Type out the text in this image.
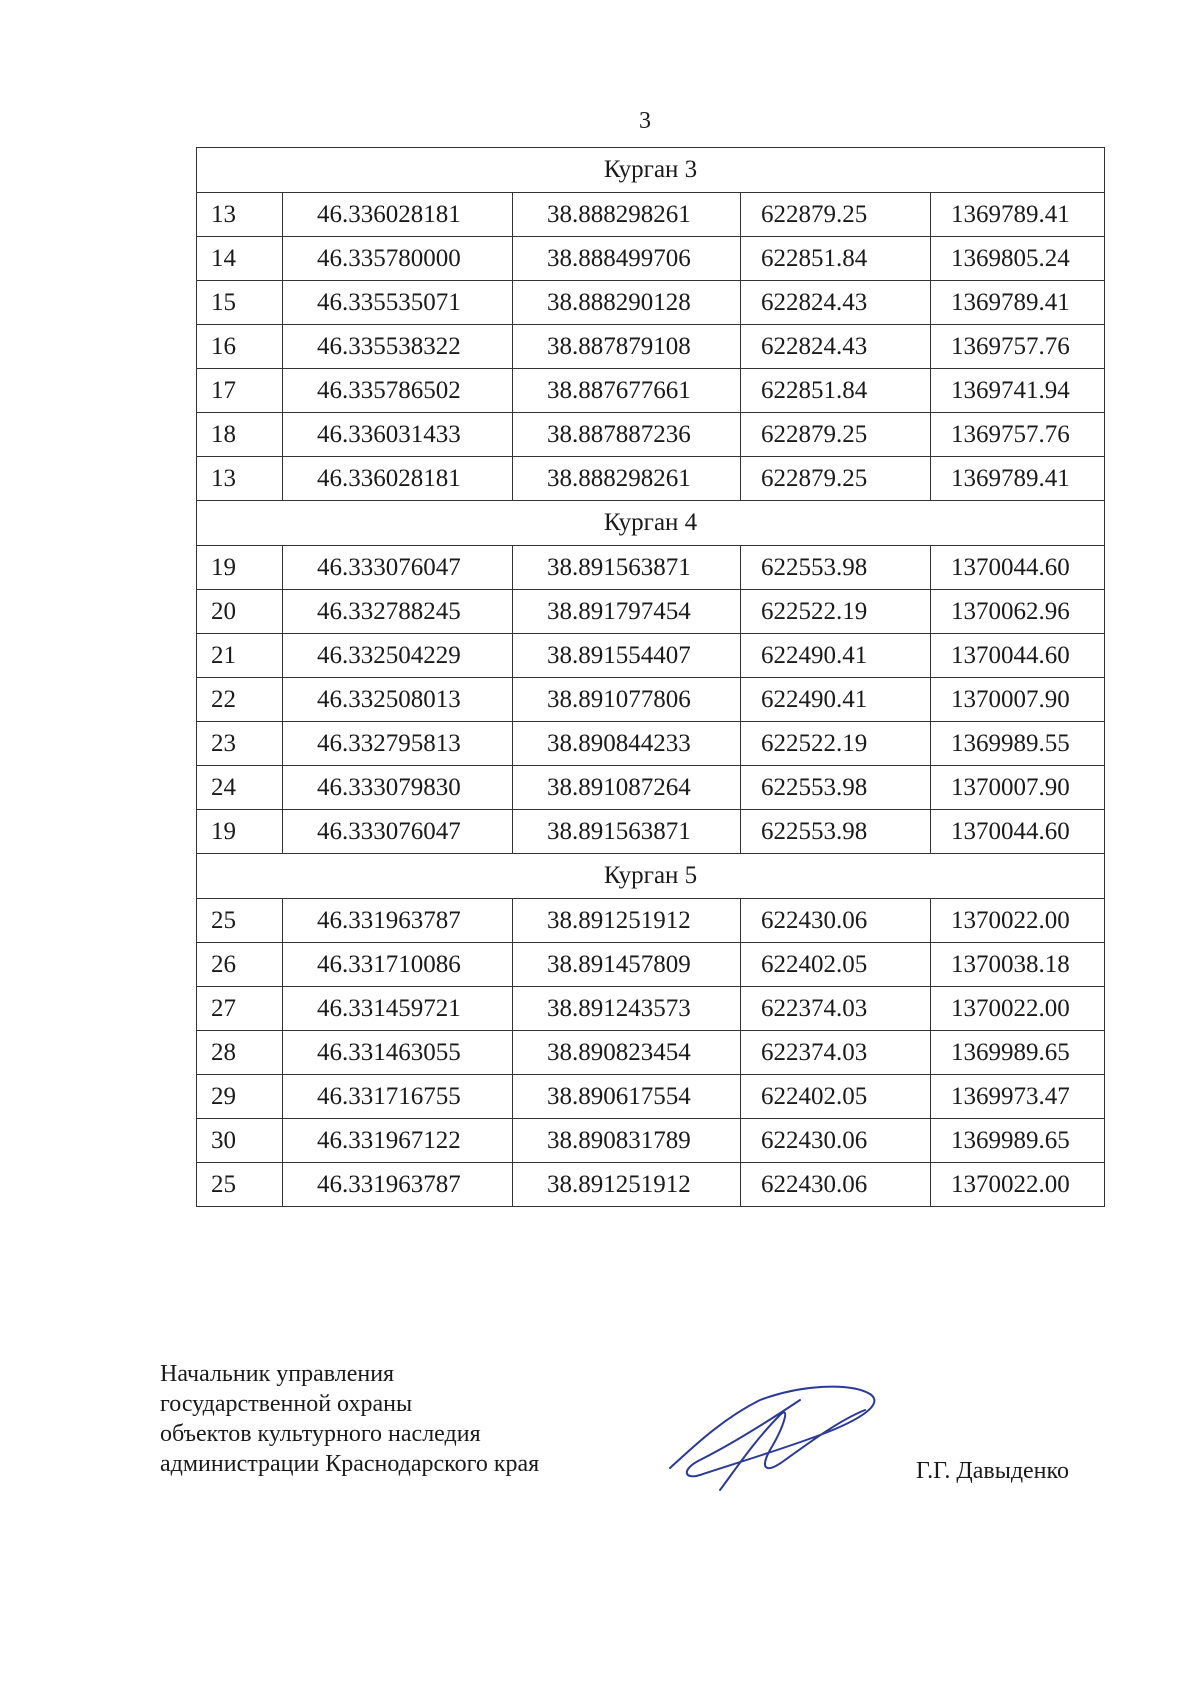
3
Курган 3				
13	46.336028181	38.888298261	622879.25	1369789.41
14	46.335780000	38.888499706	622851.84	1369805.24
15	46.335535071	38.888290128	622824.43	1369789.41
16	46.335538322	38.887879108	622824.43	1369757.76
17	46.335786502	38.887677661	622851.84	1369741.94
18	46.336031433	38.887887236	622879.25	1369757.76
13	46.336028181	38.888298261	622879.25	1369789.41
Курган 4				
19	46.333076047	38.891563871	622553.98	1370044.60
20	46.332788245	38.891797454	622522.19	1370062.96
21	46.332504229	38.891554407	622490.41	1370044.60
22	46.332508013	38.891077806	622490.41	1370007.90
23	46.332795813	38.890844233	622522.19	1369989.55
24	46.333079830	38.891087264	622553.98	1370007.90
19	46.333076047	38.891563871	622553.98	1370044.60
Курган 5				
25	46.331963787	38.891251912	622430.06	1370022.00
26	46.331710086	38.891457809	622402.05	1370038.18
27	46.331459721	38.891243573	622374.03	1370022.00
28	46.331463055	38.890823454	622374.03	1369989.65
29	46.331716755	38.890617554	622402.05	1369973.47
30	46.331967122	38.890831789	622430.06	1369989.65
25	46.331963787	38.891251912	622430.06	1370022.00
Начальник управления
государственной охраны
объектов культурного наследия
администрации Краснодарского края	Г.Г. Давыденко
